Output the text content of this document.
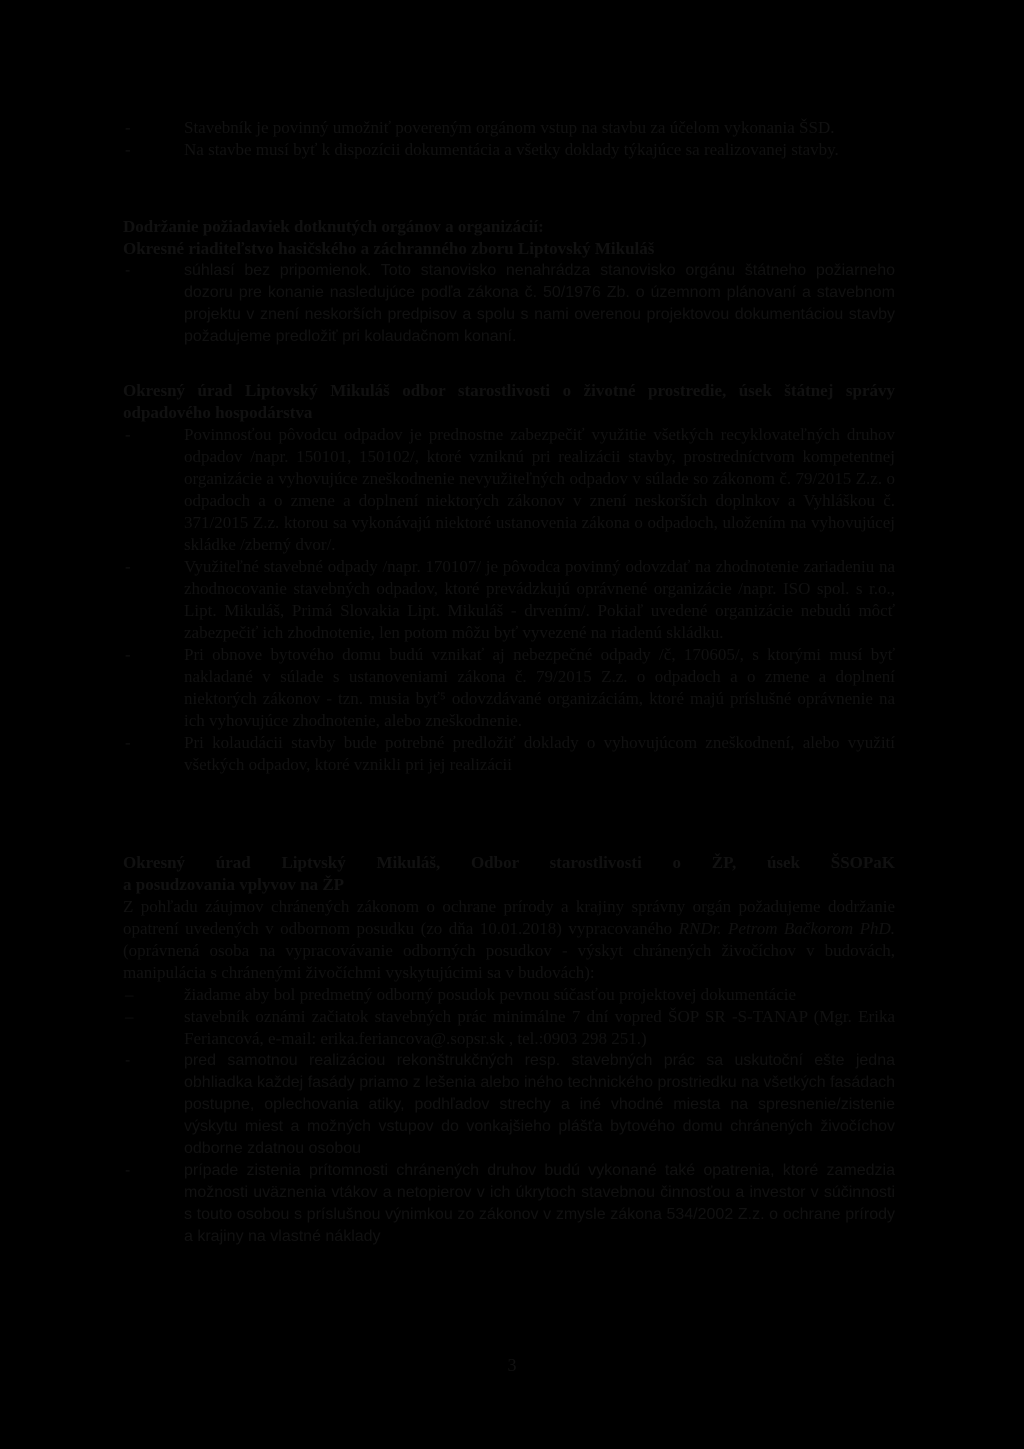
-	Stavebník je povinný umožniť povereným orgánom vstup na stavbu za účelom vykonania ŠSD.
-	Na stavbe musí byť k dispozícii dokumentácia a všetky doklady týkajúce sa realizovanej stavby.
Dodržanie požiadaviek dotknutých orgánov a organizácií:
Okresné riaditeľstvo hasičského a záchranného zboru Liptovský Mikuláš
-	súhlasí bez pripomienok. Toto stanovisko nenahrádza stanovisko orgánu štátneho požiarneho dozoru pre konanie nasledujúce podľa zákona č. 50/1976 Zb. o územnom plánovaní a stavebnom projektu v znení neskorších predpisov a spolu s nami overenou projektovou dokumentáciou stavby požadujeme predložiť pri kolaudačnom konaní.
Okresný úrad Liptovský Mikuláš odbor starostlivosti o životné prostredie, úsek štátnej správy odpadového hospodárstva
-	Povinnosťou pôvodcu odpadov je prednostne zabezpečiť využitie všetkých recyklovateľných druhov odpadov /napr. 150101, 150102/, ktoré vzniknú pri realizácii stavby, prostredníctvom kompetentnej organizácie a vyhovujúce zneškodnenie nevyužiteľných odpadov v súlade so zákonom č. 79/2015 Z.z. o odpadoch a o zmene a doplnení niektorých zákonov v znení neskorších doplnkov a Vyhláškou č. 371/2015 Z.z. ktorou sa vykonávajú niektoré ustanovenia zákona o odpadoch, uložením na vyhovujúcej skládke /zberný dvor/.
-	Využiteľné stavebné odpady /napr. 170107/ je pôvodca povinný odovzdať na zhodnotenie zariadeniu na zhodnocovanie stavebných odpadov, ktoré prevádzkujú oprávnené organizácie /napr. ISO spol. s r.o., Lipt. Mikuláš, Primá Slovakia Lipt. Mikuláš - drvením/. Pokiaľ uvedené organizácie nebudú môcť zabezpečiť ich zhodnotenie, len potom môžu byť vyvezené na riadenú skládku.
-	Pri obnove bytového domu budú vznikať aj nebezpečné odpady /č, 170605/, s ktorými musí byť nakladané v súlade s ustanoveniami zákona č. 79/2015 Z.z. o odpadoch a o zmene a doplnení niektorých zákonov - tzn. musia byť⁵ odovzdávané organizáciám, ktoré majú príslušné oprávnenie na ich vyhovujúce zhodnotenie, alebo zneškodnenie.
-	Pri kolaudácii stavby bude potrebné predložiť doklady o vyhovujúcom zneškodnení, alebo využití všetkých odpadov, ktoré vznikli pri jej realizácii
Okresný úrad Liptvský Mikuláš, Odbor starostlivosti o ŽP, úsek ŠSOPaK
a posudzovania vplyvov na ŽP
Z pohľadu záujmov chránených zákonom o ochrane prírody a krajiny správny orgán požadujeme dodržanie opatrení uvedených v odbornom posudku (zo dňa 10.01.2018) vypracovaného RNDr. Petrom Bačkorom PhD. (oprávnená osoba na vypracovávanie odborných posudkov - výskyt chránených živočíchov v budovách, manipulácia s chránenými živočíchmi vyskytujúcimi sa v budovách):
–	žiadame aby bol predmetný odborný posudok pevnou súčasťou projektovej dokumentácie
–	stavebník oznámi začiatok stavebných prác minimálne 7 dní vopred ŠOP SR -S-TANAP (Mgr. Erika Feriancová, e-mail: erika.feriancova@.sopsr.sk , tel.:0903 298 251.)
-	pred samotnou realizáciou rekonštrukčných resp. stavebných prác sa uskutoční ešte jedna obhliadka každej fasády priamo z lešenia alebo iného technického prostriedku na všetkých fasádach postupne, oplechovania atiky, podhľadov strechy a iné vhodné miesta na spresnenie/zistenie výskytu miest a možných vstupov do vonkajšieho plášťa bytového domu chránených živočíchov odborne zdatnou osobou
-	prípade zistenia prítomnosti chránených druhov budú vykonané také opatrenia, ktoré zamedzia možnosti uväznenia vtákov a netopierov v ich úkrytoch stavebnou činnosťou a investor v súčinnosti s touto osobou s príslušnou výnimkou zo zákonov v zmysle zákona 534/2002 Z.z. o ochrane prírody a krajiny na vlastné náklady
3
